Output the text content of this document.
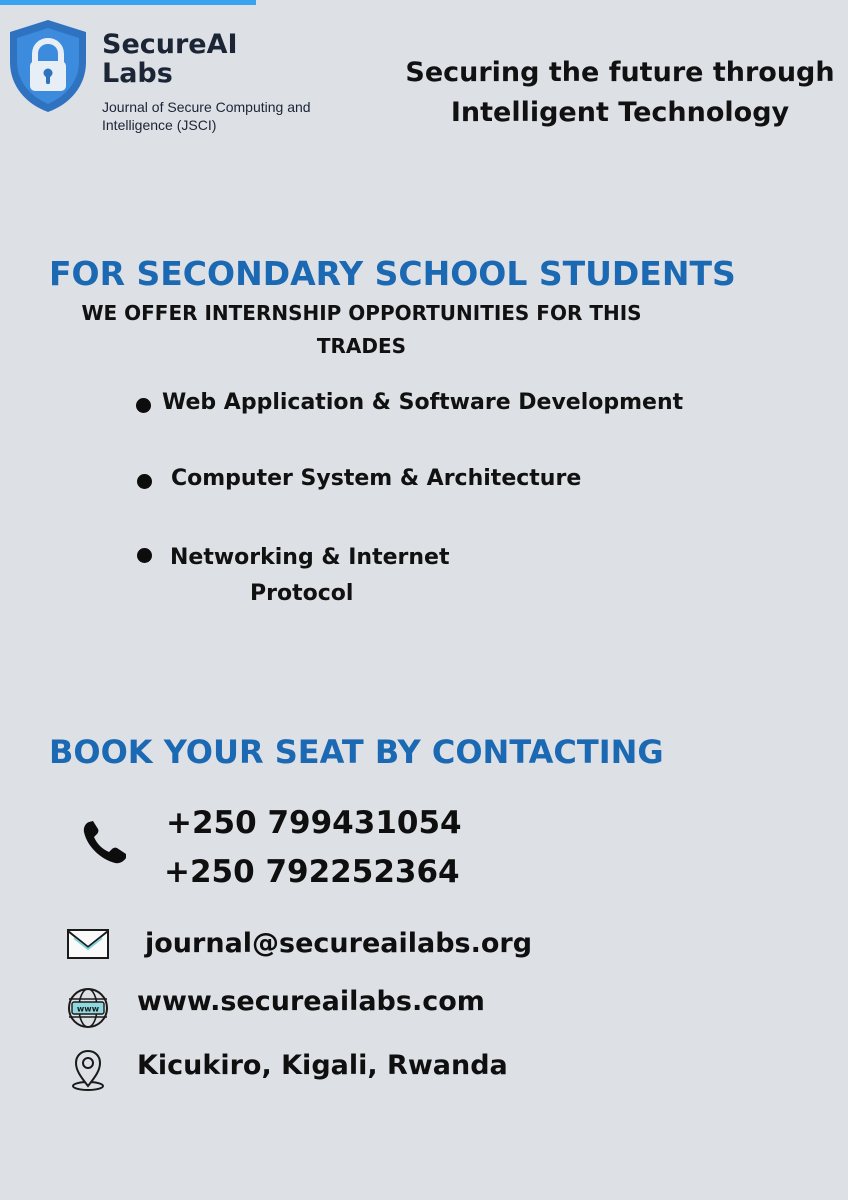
SecureAI
Labs
Journal of Secure Computing and Intelligence (JSCI)
Securing the future through Intelligent Technology
FOR SECONDARY SCHOOL STUDENTS
WE OFFER INTERNSHIP OPPORTUNITIES FOR THIS TRADES
Web Application & Software Development
Computer System & Architecture
Networking & Internet
Protocol
BOOK YOUR SEAT BY CONTACTING
+250 799431054
+250 792252364
journal@secureailabs.org
www www.secureailabs.com
Kicukiro, Kigali, Rwanda
